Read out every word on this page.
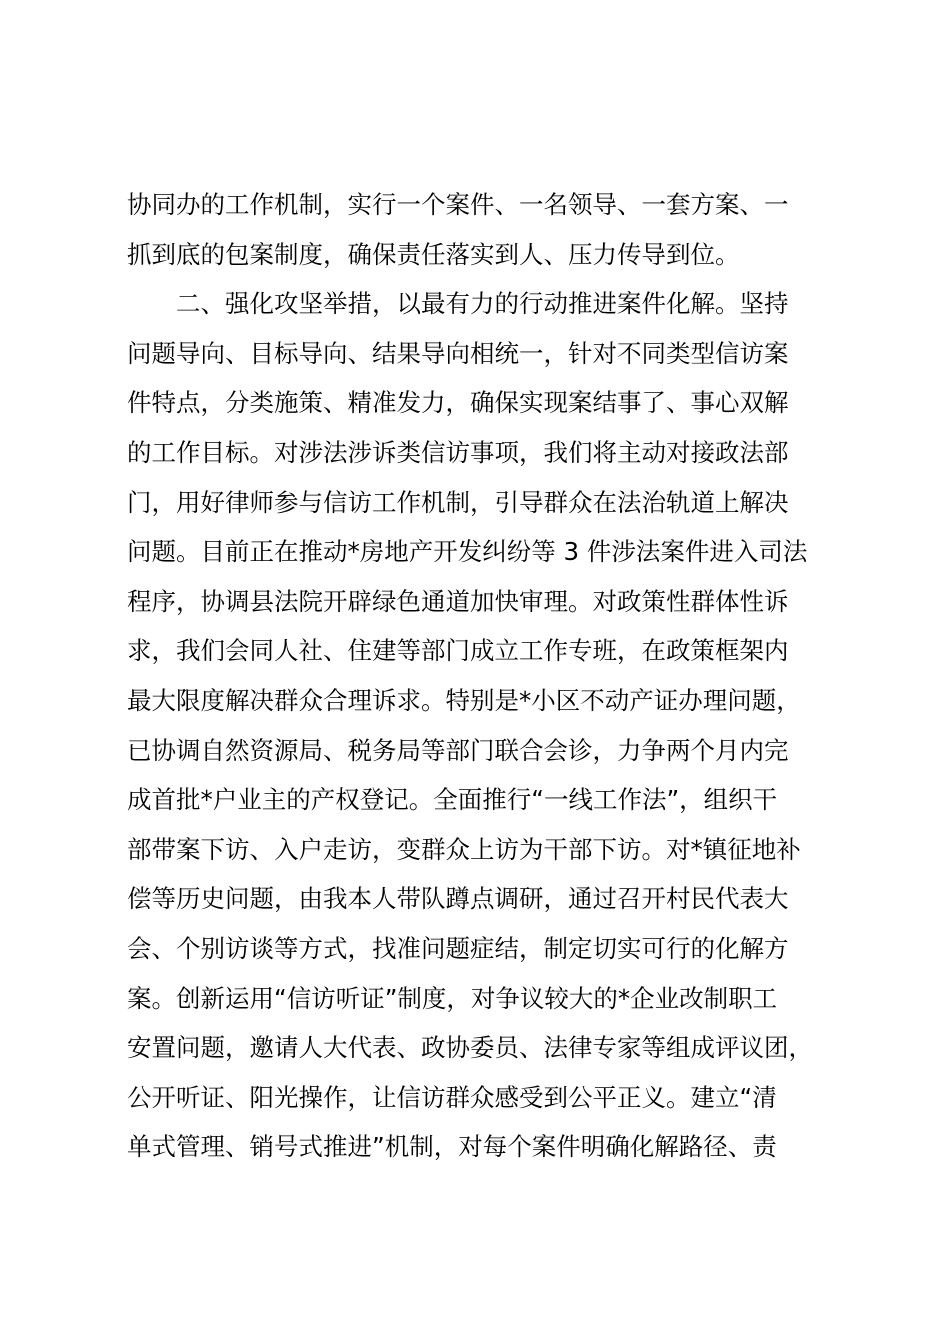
协同办的工作机制，实行一个案件、一名领导、一套方案、一
抓到底的包案制度，确保责任落实到人、压力传导到位。
　　二、强化攻坚举措，以最有力的行动推进案件化解。坚持
问题导向、目标导向、结果导向相统一，针对不同类型信访案
件特点，分类施策、精准发力，确保实现案结事了、事心双解
的工作目标。对涉法涉诉类信访事项，我们将主动对接政法部
门，用好律师参与信访工作机制，引导群众在法治轨道上解决
问题。目前正在推动*房地产开发纠纷等 3 件涉法案件进入司法
程序，协调县法院开辟绿色通道加快审理。对政策性群体性诉
求，我们会同人社、住建等部门成立工作专班，在政策框架内
最大限度解决群众合理诉求。特别是*小区不动产证办理问题，
已协调自然资源局、税务局等部门联合会诊，力争两个月内完
成首批*户业主的产权登记。全面推行“一线工作法”，组织干
部带案下访、入户走访，变群众上访为干部下访。对*镇征地补
偿等历史问题，由我本人带队蹲点调研，通过召开村民代表大
会、个别访谈等方式，找准问题症结，制定切实可行的化解方
案。创新运用“信访听证”制度，对争议较大的*企业改制职工
安置问题，邀请人大代表、政协委员、法律专家等组成评议团，
公开听证、阳光操作，让信访群众感受到公平正义。建立“清
单式管理、销号式推进”机制，对每个案件明确化解路径、责
